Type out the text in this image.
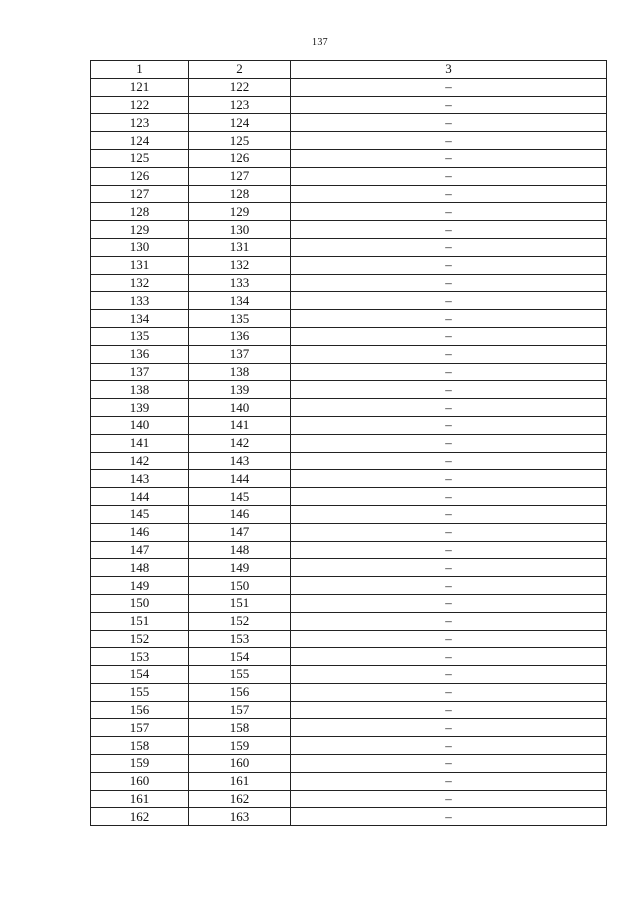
137
1	2	3
121	122	–
122	123	–
123	124	–
124	125	–
125	126	–
126	127	–
127	128	–
128	129	–
129	130	–
130	131	–
131	132	–
132	133	–
133	134	–
134	135	–
135	136	–
136	137	–
137	138	–
138	139	–
139	140	–
140	141	–
141	142	–
142	143	–
143	144	–
144	145	–
145	146	–
146	147	–
147	148	–
148	149	–
149	150	–
150	151	–
151	152	–
152	153	–
153	154	–
154	155	–
155	156	–
156	157	–
157	158	–
158	159	–
159	160	–
160	161	–
161	162	–
162	163	–
